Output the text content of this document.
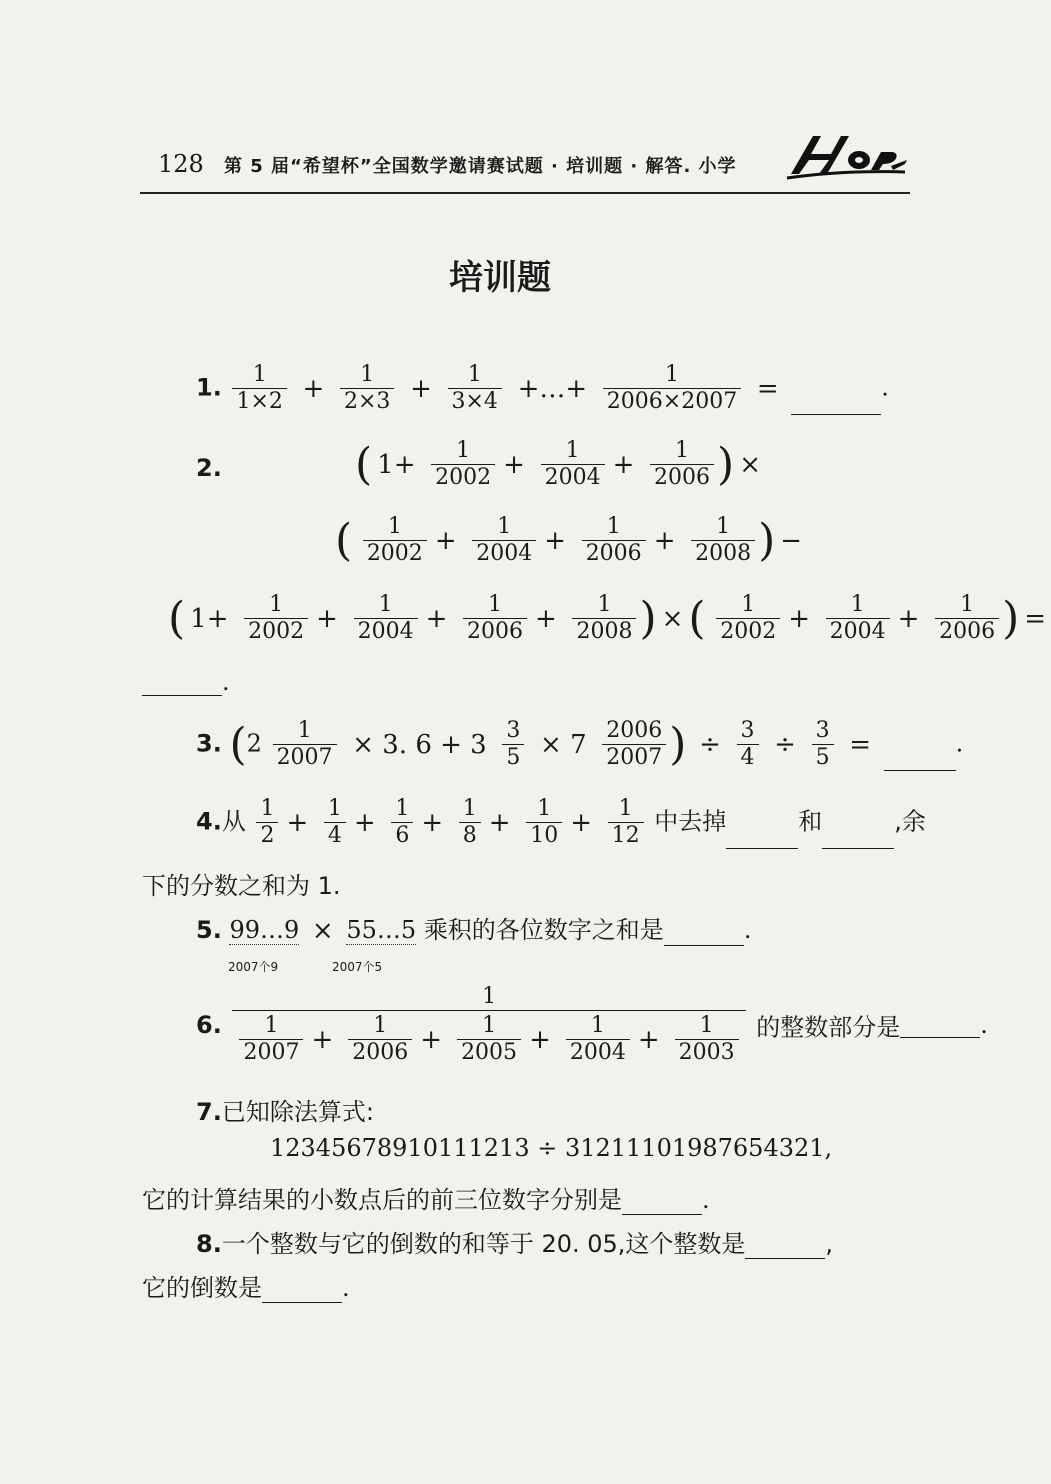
128 第 5 届“希望杯”全国数学邀请赛试题 · 培训题 · 解答. 小学
培训题
1. $\frac{1}{1\times 2} + \frac{1}{2\times 3} + \frac{1}{3\times 4}$ +…+ $\frac{1}{2006\times 2007}$ =	.
2.	( $1+ \frac{1}{2002} + \frac{1}{2004} + \frac{1}{2006}$ ) ×
( $\frac{1}{2002} + \frac{1}{2004} + \frac{1}{2006} + \frac{1}{2008}$ ) −
( $1+ \frac{1}{2002} + \frac{1}{2004} + \frac{1}{2006} + \frac{1}{2008}$ ) × ( $\frac{1}{2002} + \frac{1}{2004} + \frac{1}{2006}$ ) =
.
3. ($2 \frac{1}{2007} \times 3$. $6 + 3 \frac{3}{5} \times 7 \frac{2006}{2007}$ ) ÷ $\frac{3}{4} \div \frac{3}{5}$ =	.
4.从 $\frac{1}{2} + \frac{1}{4} + \frac{1}{6} + \frac{1}{8} + \frac{1}{10} + \frac{1}{12}$ 中去掉	和	,余
下的分数之和为 1.
5. 99…9 × 55…5 乘积的各位数字之和是	.
2007个9	2007个5
6.
1
$\frac{1}{2007} + \frac{1}{2006} + \frac{1}{2005} + \frac{1}{2004} + \frac{1}{2003}$ 的整数部分是	.
7.已知除法算式:
12345678910111213 ÷ 31211101987654321,
它的计算结果的小数点后的前三位数字分别是	.
8.一个整数与它的倒数的和等于 20. 05,这个整数是	,
它的倒数是	.
